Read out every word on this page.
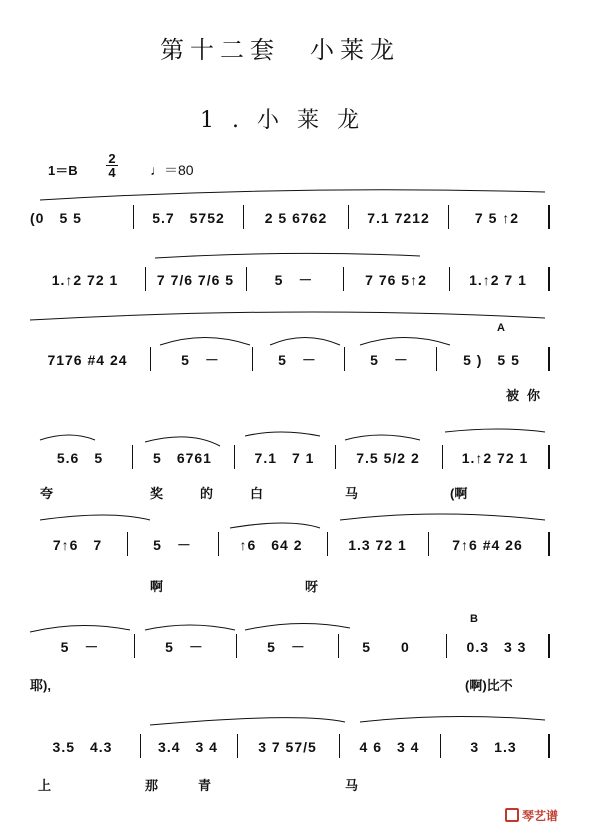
第十二套　小莱龙
1.小莱龙
1＝B
2
4 ♩＝80
(0　5 5	5.7　5752	2 5 6762	7.1 7212	7 5 ↑2
1.↑2 72 1	7 7/6 7/6 5	5　－	7 76 5↑2	1.↑2 7 1
A
7176 #4 24	5　－	5　－	5　－	5 )　5 5
被你
5.6　5	5　6761	7.1　7 1	7.5 5/2 2	1.↑2 72 1
夸	奖	的	白	马	(啊
7↑6　7	5　－	↑6　64 2	1.3 72 1	7↑6 #4 26
啊	呀
B
5　－	5　－	5　－	5　　0	0.3　3 3
耶),	(啊)比不
3.5　4.3	3.4　3 4	3 7 57/5	4 6　3 4	3　1.3
上	那	青	马
琴艺谱
